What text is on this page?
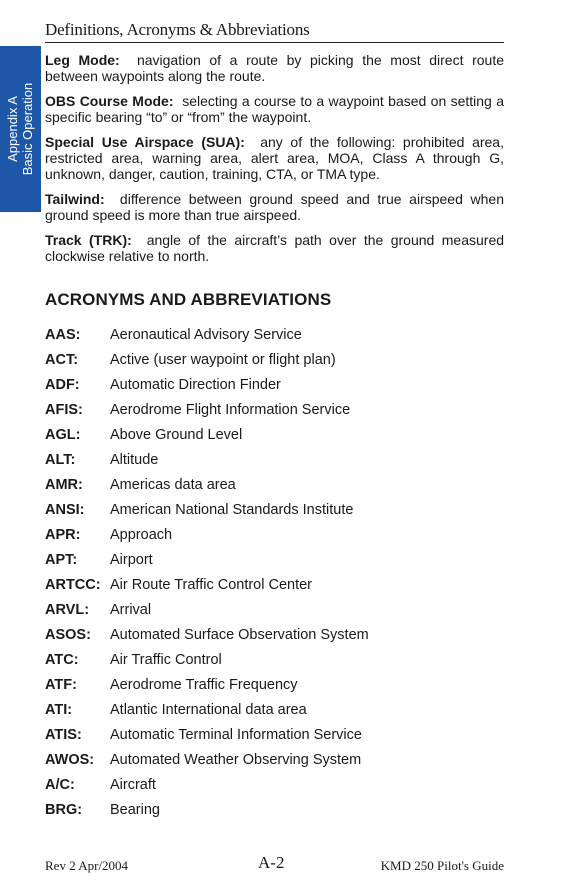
Definitions, Acronyms & Abbreviations
Appendix A Basic Operation

Leg Mode: navigation of a route by picking the most direct route between waypoints along the route.

OBS Course Mode: selecting a course to a waypoint based on setting a specific bearing “to” or “from” the waypoint.

Special Use Airspace (SUA): any of the following: prohibited area, restricted area, warning area, alert area, MOA, Class A through G, unknown, danger, caution, training, CTA, or TMA type.

Tailwind: difference between ground speed and true airspeed when ground speed is more than true airspeed.

Track (TRK): angle of the aircraft’s path over the ground measured clockwise relative to north.

ACRONYMS AND ABBREVIATIONS
AAS: Aeronautical Advisory Service
ACT: Active (user waypoint or flight plan)
ADF: Automatic Direction Finder
AFIS: Aerodrome Flight Information Service
AGL: Above Ground Level
ALT: Altitude
AMR: Americas data area
ANSI: American National Standards Institute
APR: Approach
APT: Airport
ARTCC: Air Route Traffic Control Center
ARVL: Arrival
ASOS: Automated Surface Observation System
ATC: Air Traffic Control
ATF: Aerodrome Traffic Frequency
ATI:	Atlantic International data area
ATIS: Automatic Terminal Information Service
AWOS: Automated Weather Observing System
A/C: Aircraft
BRG: Bearing
Rev 2 Apr/2004	A-2	KMD 250 Pilot's Guide
